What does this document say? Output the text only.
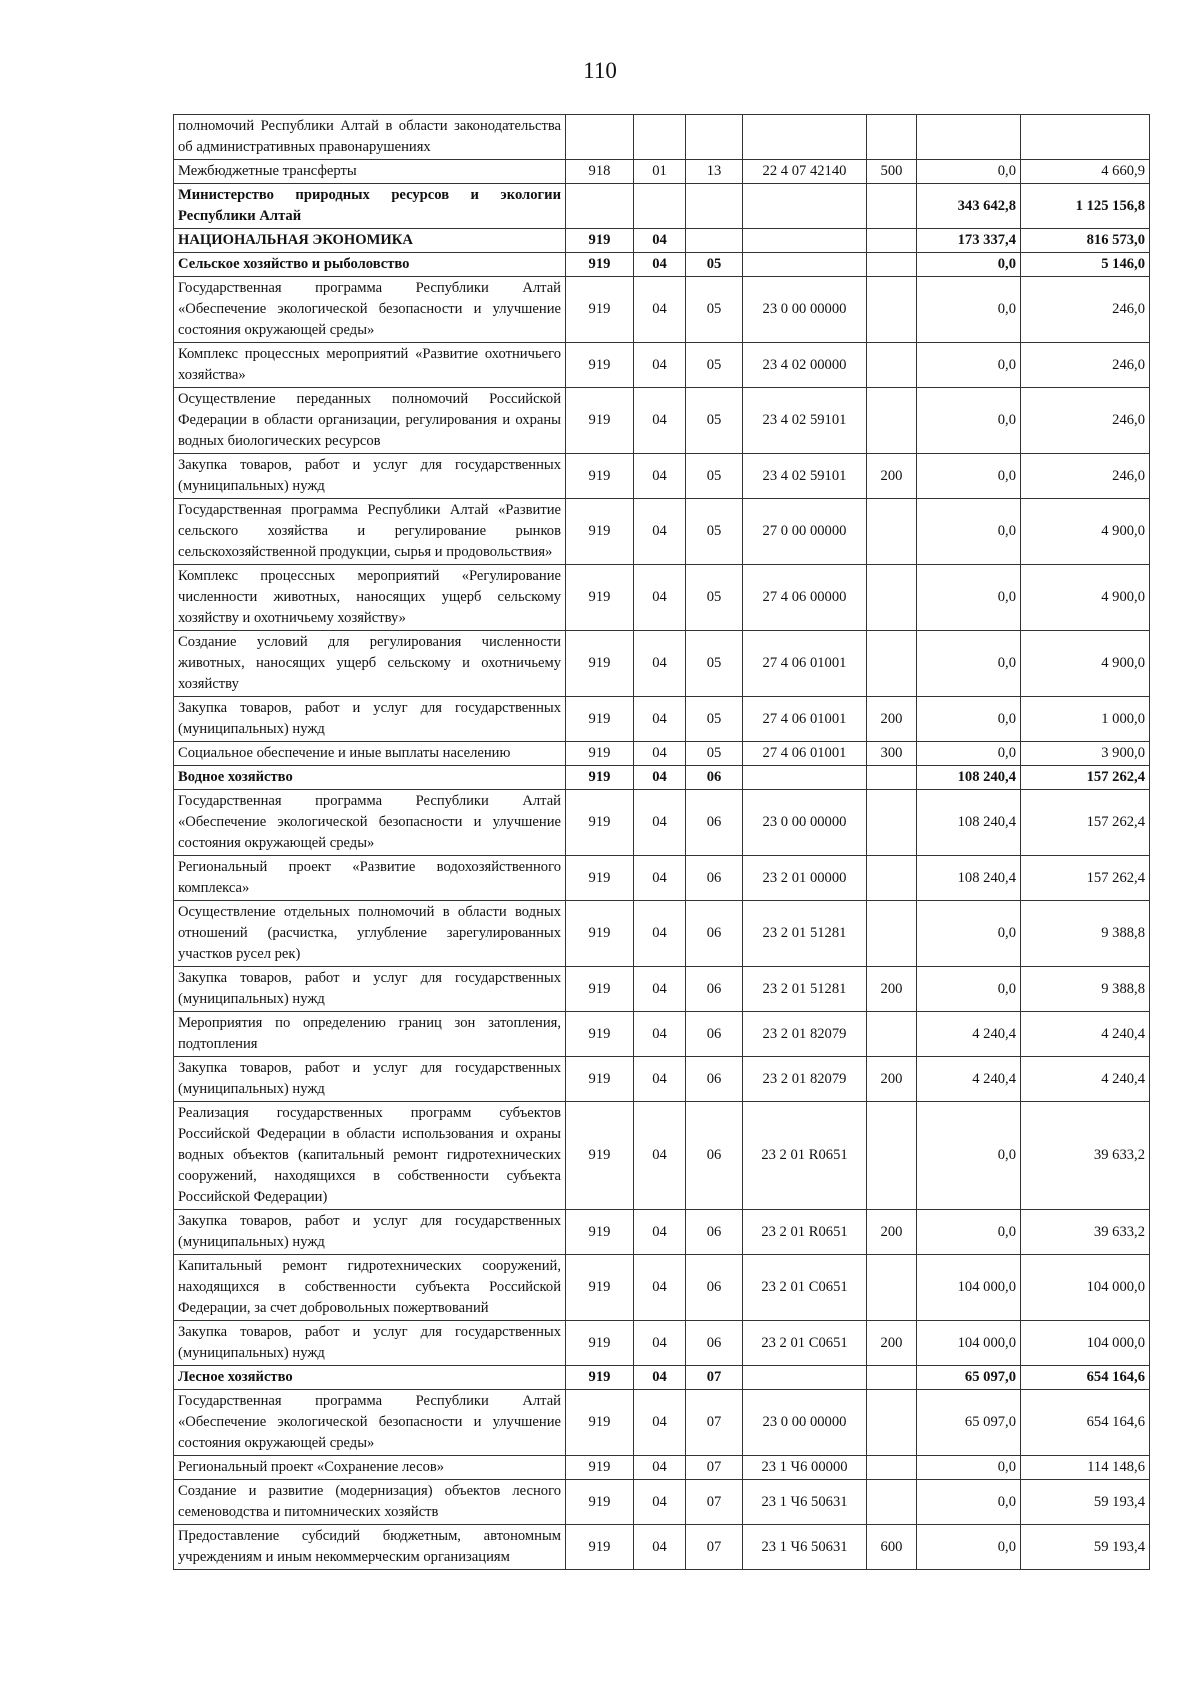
110
полномочий Республики Алтай в области законодательства об административных правонарушениях							
Межбюджетные трансферты	918	01	13	22 4 07 42140	500	0,0	4 660,9
Министерство природных ресурсов и экологии Республики Алтай						343 642,8	1 125 156,8
НАЦИОНАЛЬНАЯ ЭКОНОМИКА	919	04				173 337,4	816 573,0
Сельское хозяйство и рыболовство	919	04	05			0,0	5 146,0
Государственная программа Республики Алтай «Обеспечение экологической безопасности и улучшение состояния окружающей среды»	919	04	05	23 0 00 00000		0,0	246,0
Комплекс процессных мероприятий «Развитие охотничьего хозяйства»	919	04	05	23 4 02 00000		0,0	246,0
Осуществление переданных полномочий Российской Федерации в области организации, регулирования и охраны водных биологических ресурсов	919	04	05	23 4 02 59101		0,0	246,0
Закупка товаров, работ и услуг для государственных (муниципальных) нужд	919	04	05	23 4 02 59101	200	0,0	246,0
Государственная программа Республики Алтай «Развитие сельского хозяйства и регулирование рынков сельскохозяйственной продукции, сырья и продовольствия»	919	04	05	27 0 00 00000		0,0	4 900,0
Комплекс процессных мероприятий «Регулирование численности животных, наносящих ущерб сельскому хозяйству и охотничьему хозяйству»	919	04	05	27 4 06 00000		0,0	4 900,0
Создание условий для регулирования численности животных, наносящих ущерб сельскому и охотничьему хозяйству	919	04	05	27 4 06 01001		0,0	4 900,0
Закупка товаров, работ и услуг для государственных (муниципальных) нужд	919	04	05	27 4 06 01001	200	0,0	1 000,0
Социальное обеспечение и иные выплаты населению	919	04	05	27 4 06 01001	300	0,0	3 900,0
Водное хозяйство	919	04	06			108 240,4	157 262,4
Государственная программа Республики Алтай «Обеспечение экологической безопасности и улучшение состояния окружающей среды»	919	04	06	23 0 00 00000		108 240,4	157 262,4
Региональный проект «Развитие водохозяйственного комплекса»	919	04	06	23 2 01 00000		108 240,4	157 262,4
Осуществление отдельных полномочий в области водных отношений (расчистка, углубление зарегулированных участков русел рек)	919	04	06	23 2 01 51281		0,0	9 388,8
Закупка товаров, работ и услуг для государственных (муниципальных) нужд	919	04	06	23 2 01 51281	200	0,0	9 388,8
Мероприятия по определению границ зон затопления, подтопления	919	04	06	23 2 01 82079		4 240,4	4 240,4
Закупка товаров, работ и услуг для государственных (муниципальных) нужд	919	04	06	23 2 01 82079	200	4 240,4	4 240,4
Реализация государственных программ субъектов Российской Федерации в области использования и охраны водных объектов (капитальный ремонт гидротехнических сооружений, находящихся в собственности субъекта Российской Федерации)	919	04	06	23 2 01 R0651		0,0	39 633,2
Закупка товаров, работ и услуг для государственных (муниципальных) нужд	919	04	06	23 2 01 R0651	200	0,0	39 633,2
Капитальный ремонт гидротехнических сооружений, находящихся в собственности субъекта Российской Федерации, за счет добровольных пожертвований	919	04	06	23 2 01 C0651		104 000,0	104 000,0
Закупка товаров, работ и услуг для государственных (муниципальных) нужд	919	04	06	23 2 01 C0651	200	104 000,0	104 000,0
Лесное хозяйство	919	04	07			65 097,0	654 164,6
Государственная программа Республики Алтай «Обеспечение экологической безопасности и улучшение состояния окружающей среды»	919	04	07	23 0 00 00000		65 097,0	654 164,6
Региональный проект «Сохранение лесов»	919	04	07	23 1 Ч6 00000		0,0	114 148,6
Создание и развитие (модернизация) объектов лесного семеноводства и питомнических хозяйств	919	04	07	23 1 Ч6 50631		0,0	59 193,4
Предоставление субсидий бюджетным, автономным учреждениям и иным некоммерческим организациям	919	04	07	23 1 Ч6 50631	600	0,0	59 193,4
